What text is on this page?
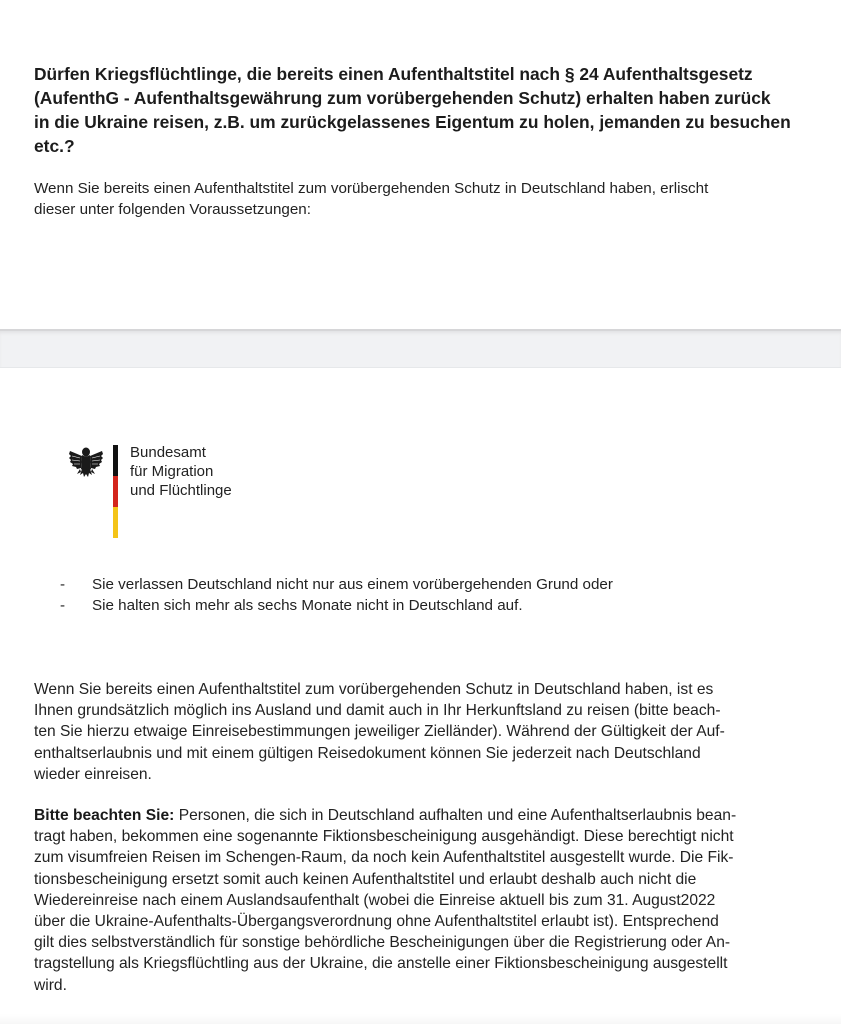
Dürfen Kriegsflüchtlinge, die bereits einen Aufenthaltstitel nach § 24 Aufenthaltsgesetz
(AufenthG - Aufenthaltsgewährung zum vorübergehenden Schutz) erhalten haben zurück
in die Ukraine reisen, z.B. um zurückgelassenes Eigentum zu holen, jemanden zu besuchen
etc.?

Wenn Sie bereits einen Aufenthaltstitel zum vorübergehenden Schutz in Deutschland haben, erlischt
dieser unter folgenden Voraussetzungen:

Bundesamt
für Migration
und Flüchtlinge
- Sie verlassen Deutschland nicht nur aus einem vorübergehenden Grund oder
- Sie halten sich mehr als sechs Monate nicht in Deutschland auf.

Wenn Sie bereits einen Aufenthaltstitel zum vorübergehenden Schutz in Deutschland haben, ist es
Ihnen grundsätzlich möglich ins Ausland und damit auch in Ihr Herkunftsland zu reisen (bitte beach-
ten Sie hierzu etwaige Einreisebestimmungen jeweiliger Zielländer). Während der Gültigkeit der Auf-
enthaltserlaubnis und mit einem gültigen Reisedokument können Sie jederzeit nach Deutschland
wieder einreisen.

Bitte beachten Sie: Personen, die sich in Deutschland aufhalten und eine Aufenthaltserlaubnis bean-
tragt haben, bekommen eine sogenannte Fiktionsbescheinigung ausgehändigt. Diese berechtigt nicht
zum visumfreien Reisen im Schengen-Raum, da noch kein Aufenthaltstitel ausgestellt wurde. Die Fik-
tionsbescheinigung ersetzt somit auch keinen Aufenthaltstitel und erlaubt deshalb auch nicht die
Wiedereinreise nach einem Auslandsaufenthalt (wobei die Einreise aktuell bis zum 31. August2022
über die Ukraine-Aufenthalts-Übergangsverordnung ohne Aufenthaltstitel erlaubt ist). Entsprechend
gilt dies selbstverständlich für sonstige behördliche Bescheinigungen über die Registrierung oder An-
tragstellung als Kriegsflüchtling aus der Ukraine, die anstelle einer Fiktionsbescheinigung ausgestellt
wird.
